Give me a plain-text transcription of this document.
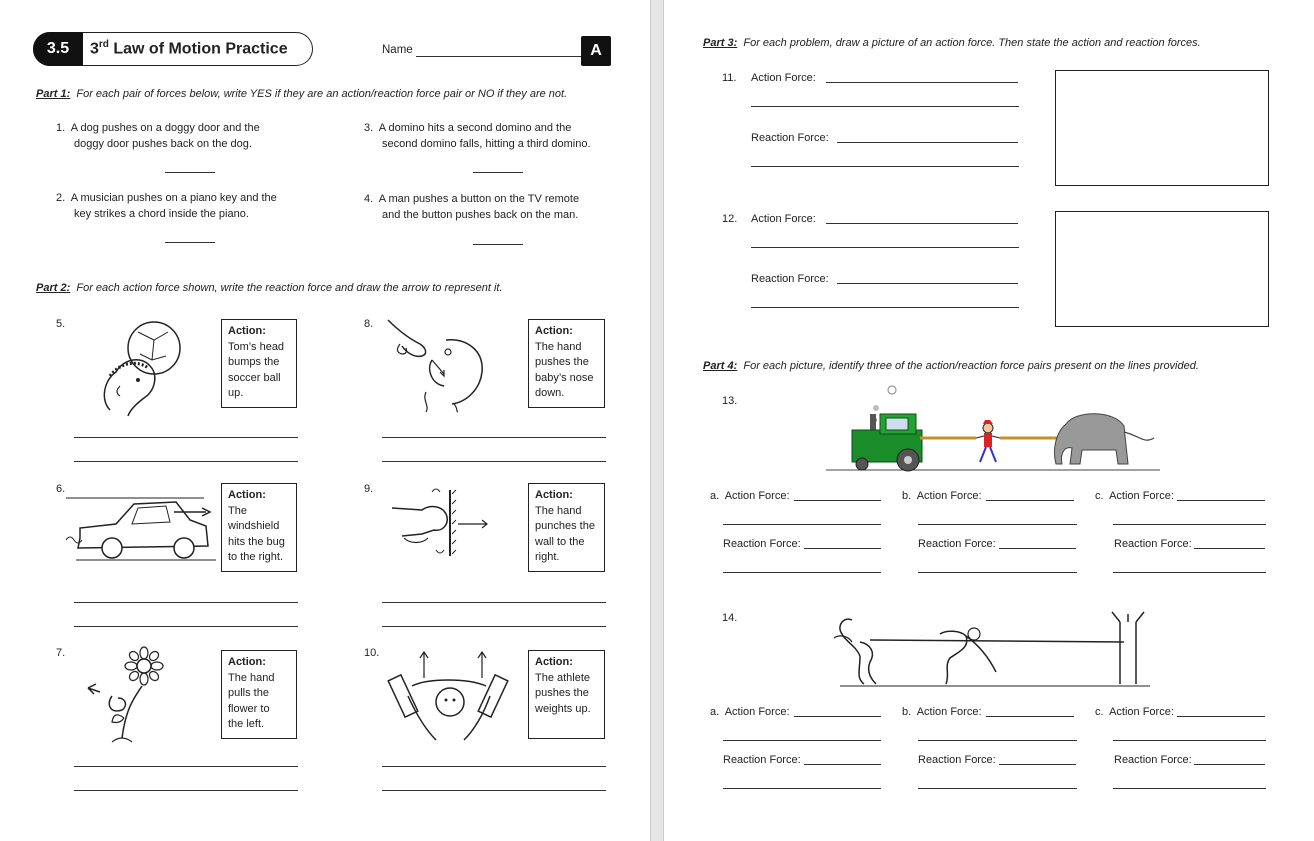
3.5	3rd Law of Motion Practice	Name	A
Part 1: For each pair of forces below, write YES if they are an action/reaction force pair or NO if they are not.
1. A dog pushes on a doggy door and the
doggy door pushes back on the dog.
2. A musician pushes on a piano key and the
key strikes a chord inside the piano.
3. A domino hits a second domino and the
second domino falls, hitting a third domino.
4. A man pushes a button on the TV remote
and the button pushes back on the man.
Part 2: For each action force shown, write the reaction force and draw the arrow to represent it.
5.
Action:
Tom’s head
bumps the
soccer ball
up.
6.	Action:
The
windshield
hits the bug
to the right.
7.
Action:
The hand
pulls the
flower to
the left.
8.
Action:
The hand
pushes the
baby’s nose
down.
9.	Action:
The hand
punches the
wall to the
right.
10.
Action:
The athlete
pushes the
weights up.
Part 3: For each problem, draw a picture of an action force. Then state the action and reaction forces.
11. Action Force:
Reaction Force:
12. Action Force:
Reaction Force:
Part 4: For each picture, identify three of the action/reaction force pairs present on the lines provided.
13.
a. Action Force:
Reaction Force:
b. Action Force:
Reaction Force:
c. Action Force:
Reaction Force:
14.
a. Action Force:
Reaction Force:
b. Action Force:
Reaction Force:
c. Action Force:
Reaction Force:
